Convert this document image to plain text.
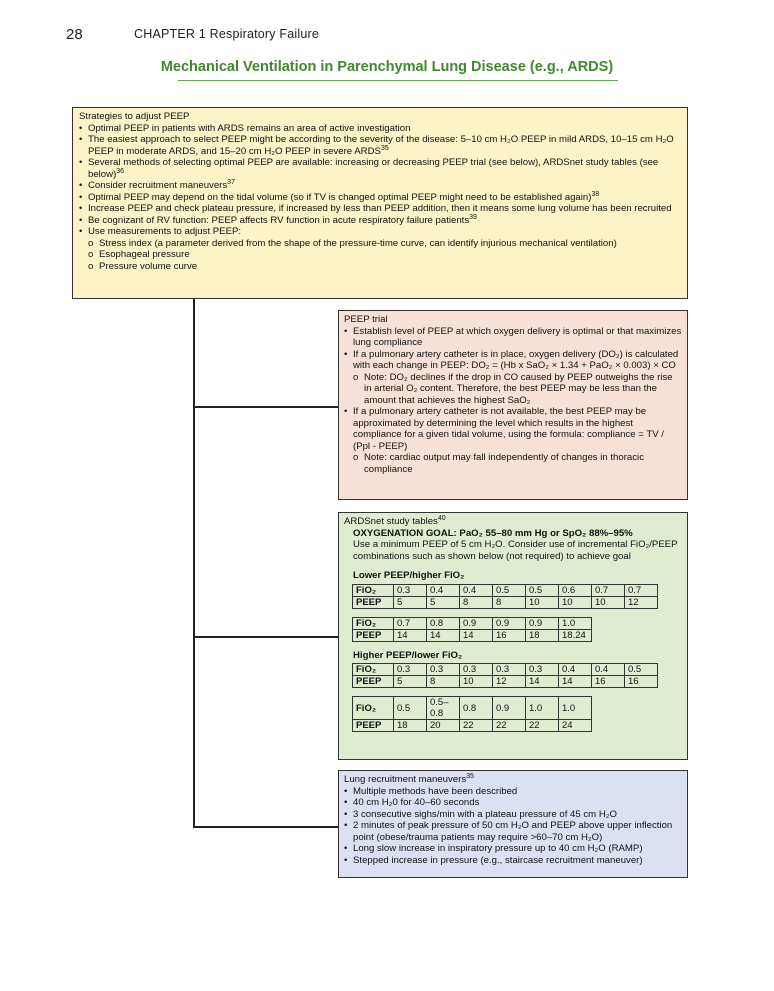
28	CHAPTER 1 Respiratory Failure
Mechanical Ventilation in Parenchymal Lung Disease (e.g., ARDS)
Strategies to adjust PEEP
• Optimal PEEP in patients with ARDS remains an area of active investigation
• The easiest approach to select PEEP might be according to the severity of the disease: 5–10 cm H₂O PEEP in mild ARDS, 10–15 cm H₂O PEEP in moderate ARDS, and 15–20 cm H₂O PEEP in severe ARDS$^{35}$
• Several methods of selecting optimal PEEP are available: increasing or decreasing PEEP trial (see below), ARDSnet study tables (see below)$^{36}$
• Consider recruitment maneuvers$^{37}$
• Optimal PEEP may depend on the tidal volume (so if TV is changed optimal PEEP might need to be established again)$^{38}$
• Increase PEEP and check plateau pressure, if increased by less than PEEP addition, then it means some lung volume has been recruited
• Be cognizant of RV function: PEEP affects RV function in acute respiratory failure patients$^{39}$
• Use measurements to adjust PEEP:
o Stress index (a parameter derived from the shape of the pressure-time curve, can identify injurious mechanical ventilation)
o Esophageal pressure
o Pressure volume curve
PEEP trial
• Establish level of PEEP at which oxygen delivery is optimal or that maximizes lung compliance
• If a pulmonary artery catheter is in place, oxygen delivery (DO₂) is calculated with each change in PEEP: DO₂ = (Hb x SaO₂ × 1.34 + PaO₂ × 0.003) × CO
o Note: DO₂ declines if the drop in CO caused by PEEP outweighs the rise in arterial O₂ content. Therefore, the best PEEP may be less than the amount that achieves the highest SaO₂
• If a pulmonary artery catheter is not available, the best PEEP may be approximated by determining the level which results in the highest compliance for a given tidal volume, using the formula: compliance = TV / (Ppl - PEEP)
o Note: cardiac output may fall independently of changes in thoracic compliance
ARDSnet study tables$^{40}$
OXYGENATION GOAL: PaO₂ 55–80 mm Hg or SpO₂ 88%–95%
Use a minimum PEEP of 5 cm H₂O. Consider use of incremental FiO₂/PEEP combinations such as shown below (not required) to achieve goal
Lower PEEP/higher FiO₂
FiO₂	0.3	0.4	0.4	0.5	0.5	0.6	0.7	0.7
PEEP	5	5	8	8	10	10	10	12
FiO₂	0.7	0.8	0.9	0.9	0.9	1.0
PEEP	14	14	14	16	18	18.24
Higher PEEP/lower FiO₂
FiO₂	0.3	0.3	0.3	0.3	0.3	0.4	0.4	0.5
PEEP	5	8	10	12	14	14	16	16
FiO₂	0.5	0.5–0.8	0.8	0.9	1.0	1.0
PEEP	18	20	22	22	22	24
Lung recruitment maneuvers$^{35}$
• Multiple methods have been described
• 40 cm H₂0 for 40–60 seconds
• 3 consecutive sighs/min with a plateau pressure of 45 cm H₂O
• 2 minutes of peak pressure of 50 cm H₂O and PEEP above upper inflection point (obese/trauma patients may require >60–70 cm H₂O)
• Long slow increase in inspiratory pressure up to 40 cm H₂O (RAMP)
• Stepped increase in pressure (e.g., staircase recruitment maneuver)
